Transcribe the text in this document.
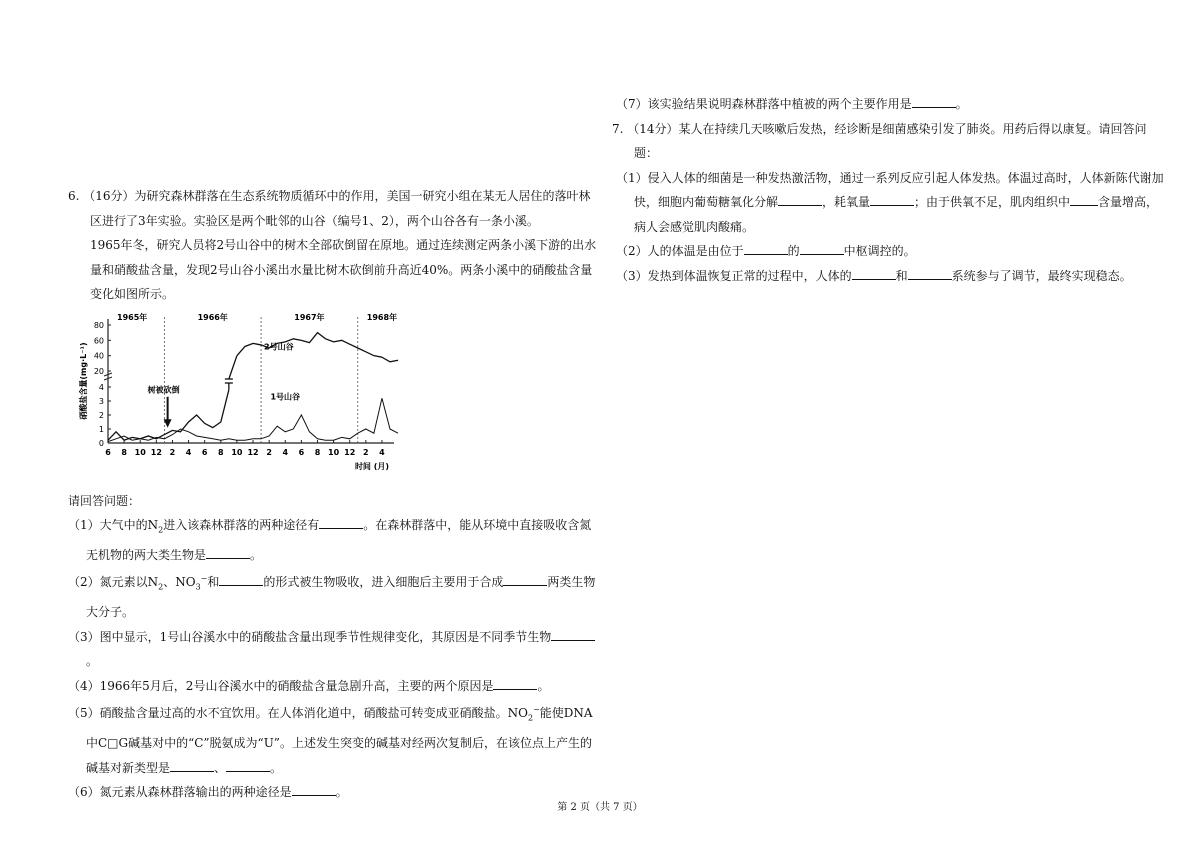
6. （16分）为研究森林群落在生态系统物质循环中的作用，美国一研究小组在某无人居住的落叶林区进行了3年实验。实验区是两个毗邻的山谷（编号1、2），两个山谷各有一条小溪。

1965年冬，研究人员将2号山谷中的树木全部砍倒留在原地。通过连续测定两条小溪下游的出水量和硝酸盐含量，发现2号山谷小溪出水量比树木砍倒前升高近40%。两条小溪中的硝酸盐含量变化如图所示。

80
60
40
20
4
3
2
1
0
硝酸盐含量(mg·L⁻¹)
6 8 10 12 2 4 6 8 10 12 2 4 6 8 10 12 2 4
时间 (月)
1965年	1966年	1967年	1968年
2号山谷
1号山谷
树被砍倒

请回答问题：

（1）大气中的$N_2$进入该森林群落的两种途径有	。在森林群落中，能从环境中直接吸收含氮无机物的两大类生物是	。

（2）氮元素以$N_2$、$NO_3^-$和	的形式被生物吸收，进入细胞后主要用于合成	两类生物大分子。

（3）图中显示，1号山谷溪水中的硝酸盐含量出现季节性规律变化，其原因是不同季节生物。

（4）1966年5月后，2号山谷溪水中的硝酸盐含量急剧升高，主要的两个原因是	。

（5）硝酸盐含量过高的水不宜饮用。在人体消化道中，硝酸盐可转变成亚硝酸盐。$NO_2^-$能使DNA中C□G碱基对中的“C”脱氨成为“U”。上述发生突变的碱基对经两次复制后，在该位点上产生的碱基对新类型是	、	。

（6）氮元素从森林群落输出的两种途径是	。

（7）该实验结果说明森林群落中植被的两个主要作用是	。

7. （14分）某人在持续几天咳嗽后发热，经诊断是细菌感染引发了肺炎。用药后得以康复。请回答问题：

（1）侵入人体的细菌是一种发热激活物，通过一系列反应引起人体发热。体温过高时，人体新陈代谢加快，细胞内葡萄糖氧化分解	，耗氧量	；由于供氧不足，肌肉组织中 含量增高，病人会感觉肌肉酸痛。

（2）人的体温是由位于	的	中枢调控的。

（3）发热到体温恢复正常的过程中，人体的	和	系统参与了调节，最终实现稳态。

第 2 页（共 7 页）
